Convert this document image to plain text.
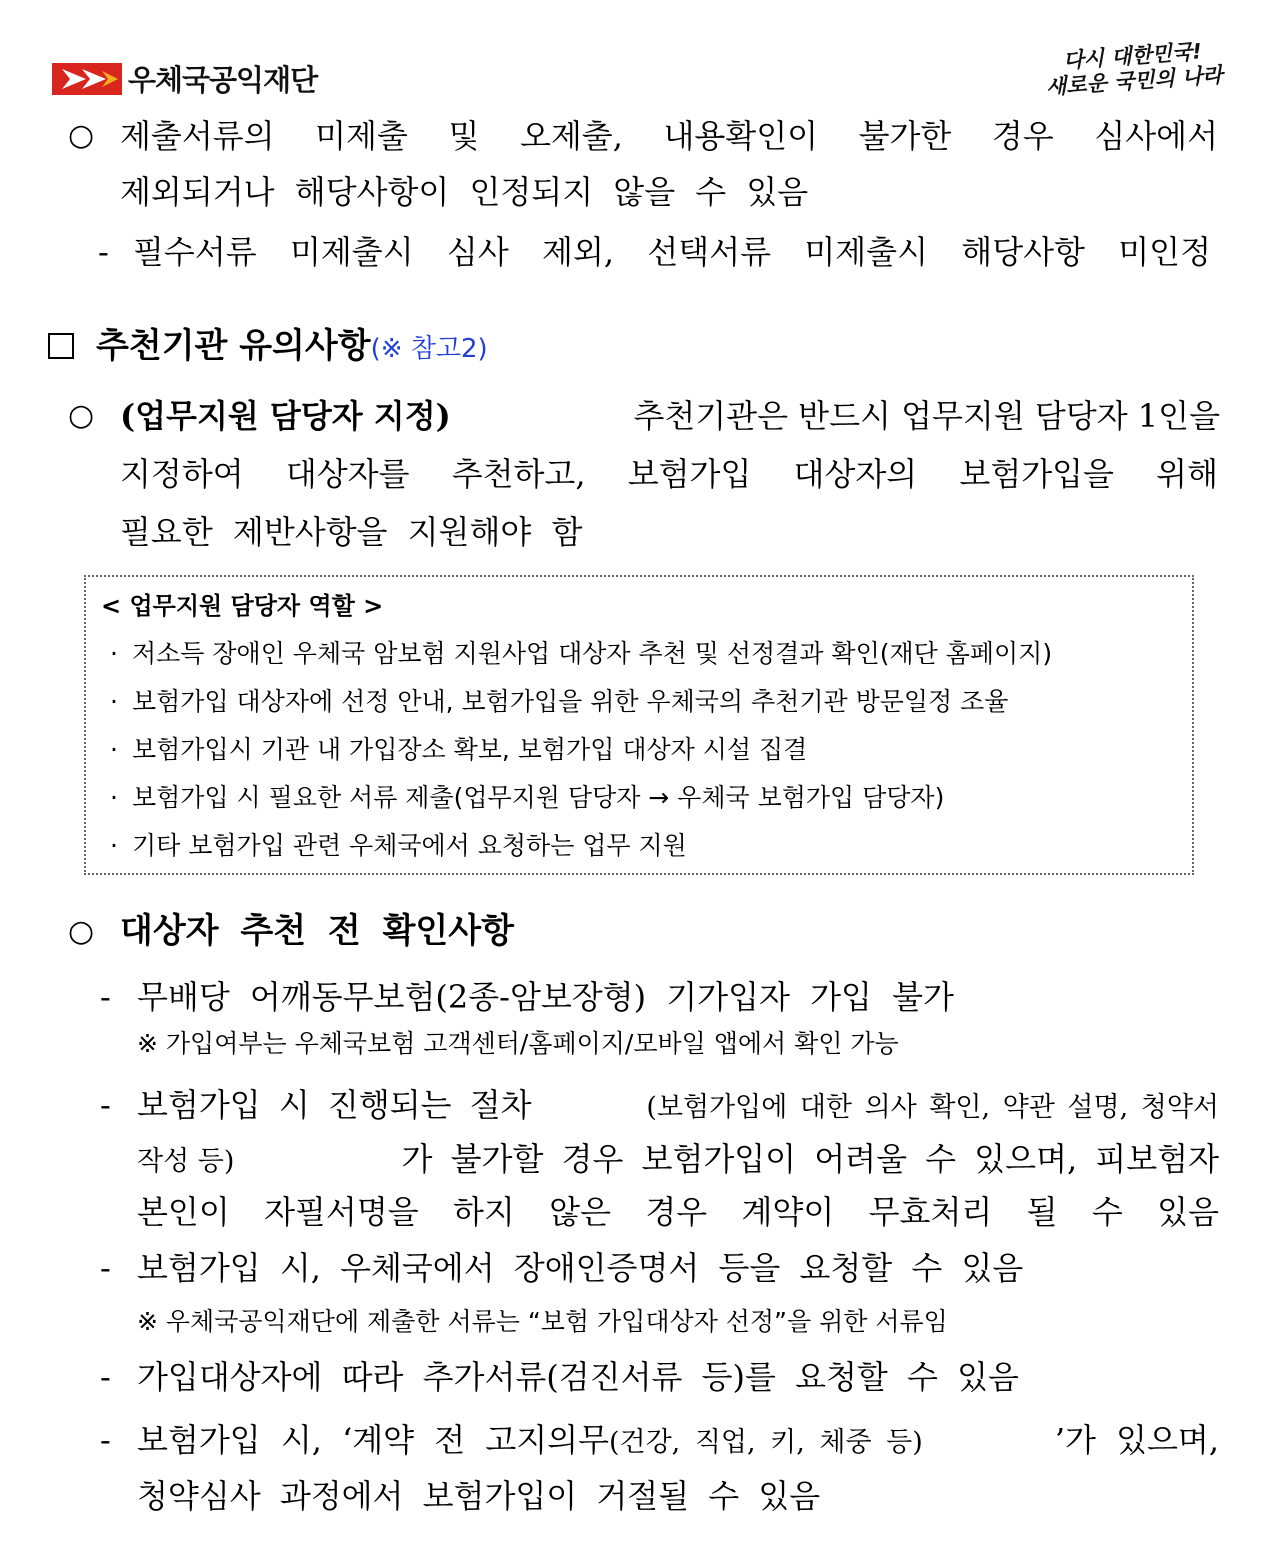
우체국공익재단
다시 대한민국!
새로운 국민의 나라
○ 제출서류의 미제출 및 오제출, 내용확인이 불가한 경우 심사에서
제외되거나 해당사항이 인정되지 않을 수 있음
- 필수서류 미제출시 심사 제외, 선택서류 미제출시 해당사항 미인정
추천기관 유의사항(※ 참고2)
○ (업무지원 담당자 지정)	추천기관은 반드시 업무지원 담당자 1인을
지정하여 대상자를 추천하고, 보험가입 대상자의 보험가입을 위해
필요한 제반사항을 지원해야 함
< 업무지원 담당자 역할 >
· 저소득 장애인 우체국 암보험 지원사업 대상자 추천 및 선정결과 확인(재단 홈페이지)
· 보험가입 대상자에 선정 안내, 보험가입을 위한 우체국의 추천기관 방문일정 조율
· 보험가입시 기관 내 가입장소 확보, 보험가입 대상자 시설 집결
· 보험가입 시 필요한 서류 제출(업무지원 담당자 → 우체국 보험가입 담당자)
· 기타 보험가입 관련 우체국에서 요청하는 업무 지원
○ 대상자 추천 전 확인사항
- 무배당 어깨동무보험(2종-암보장형) 기가입자 가입 불가
※ 가입여부는 우체국보험 고객센터/홈페이지/모바일 앱에서 확인 가능
- 보험가입 시 진행되는 절차	(보험가입에 대한 의사 확인, 약관 설명, 청약서
작성 등)	가 불가할 경우 보험가입이 어려울 수 있으며, 피보험자
본인이 자필서명을 하지 않은 경우 계약이 무효처리 될 수 있음
- 보험가입 시, 우체국에서 장애인증명서 등을 요청할 수 있음
※ 우체국공익재단에 제출한 서류는 “보험 가입대상자 선정”을 위한 서류임
- 가입대상자에 따라 추가서류(검진서류 등)를 요청할 수 있음
- 보험가입 시, ‘계약 전 고지의무 (건강, 직업, 키, 체중 등)	’가 있으며,
청약심사 과정에서 보험가입이 거절될 수 있음
